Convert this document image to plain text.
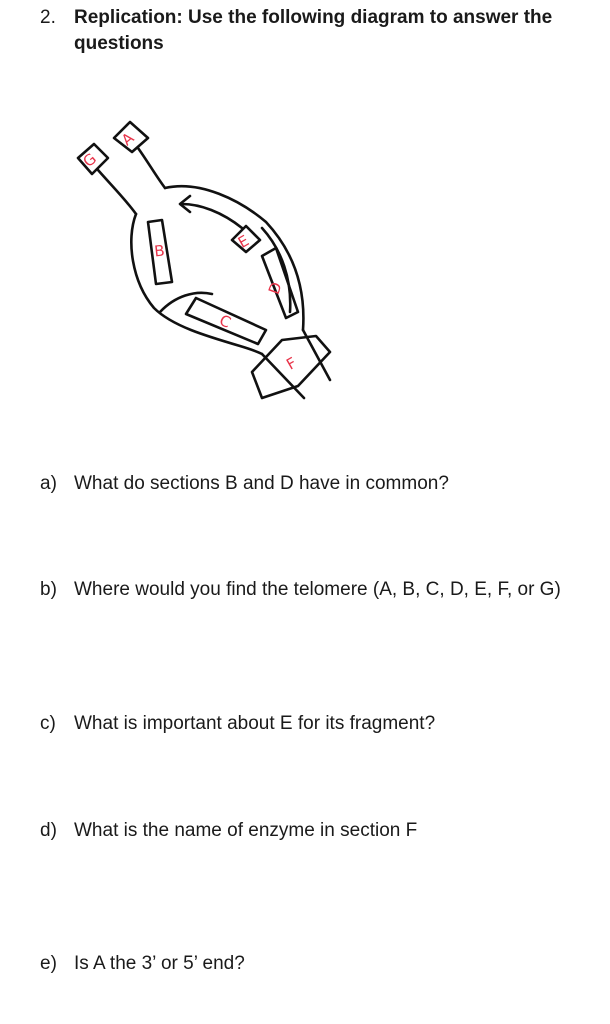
2. Replication: Use the following diagram to answer the questions
G
A
B
C
D
E
F
a) What do sections B and D have in common?
b) Where would you find the telomere (A, B, C, D, E, F, or G)
c) What is important about E for its fragment?
d) What is the name of enzyme in section F
e) Is A the 3’ or 5’ end?
